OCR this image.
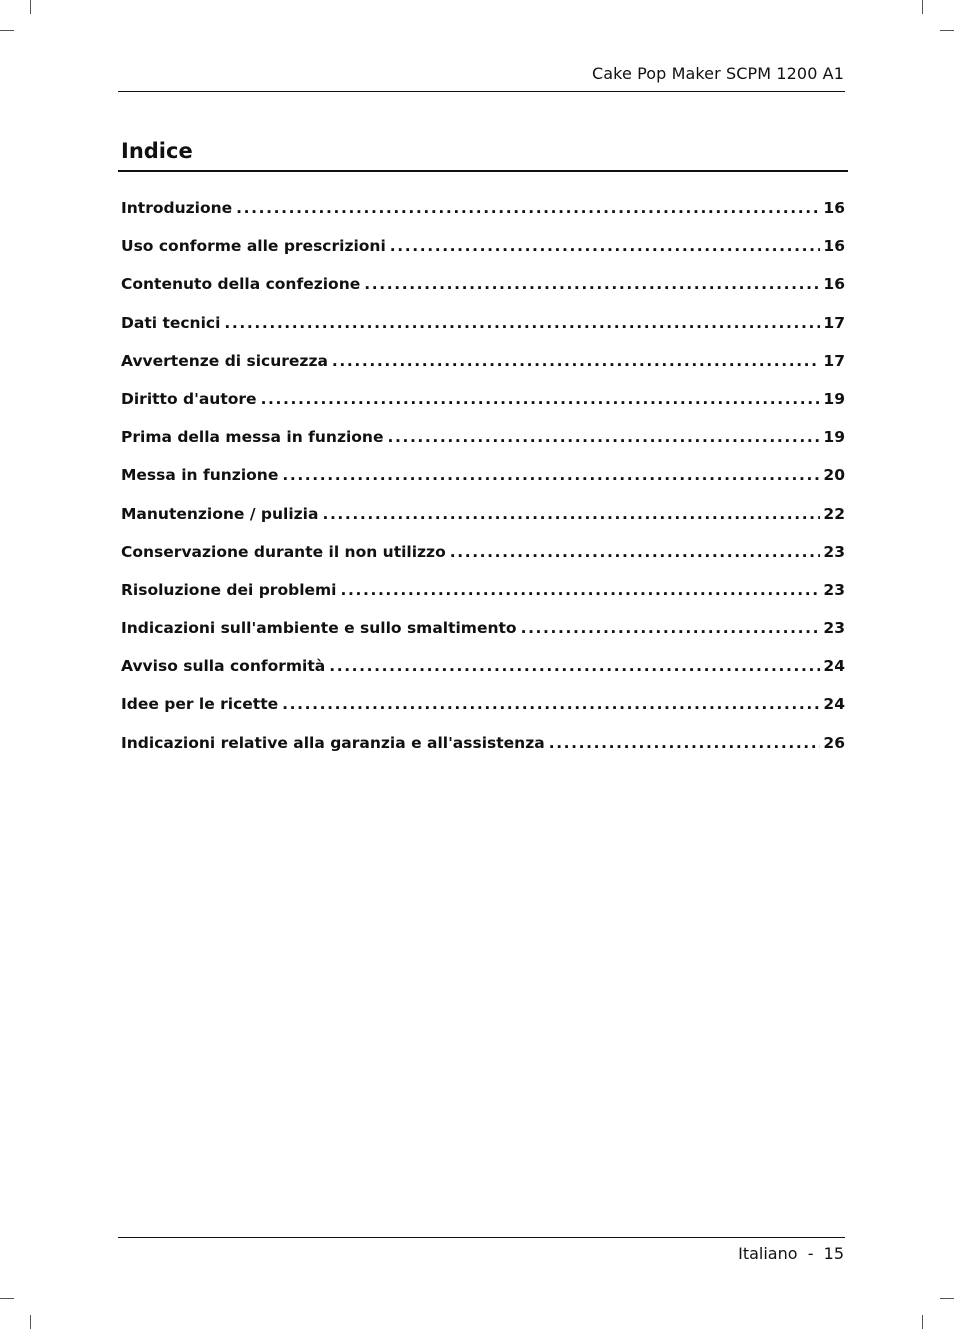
Cake Pop Maker SCPM 1200 A1
Indice
Introduzione .....	16
Uso conforme alle prescrizioni .....	16
Contenuto della confezione .....	16
Dati tecnici .....	17
Avvertenze di sicurezza .....	17
Diritto d'autore .....	19
Prima della messa in funzione .....	19
Messa in funzione .....	20
Manutenzione / pulizia .....	22
Conservazione durante il non utilizzo .....	23
Risoluzione dei problemi .....	23
Indicazioni sull'ambiente e sullo smaltimento .....	23
Avviso sulla conformità .....	24
Idee per le ricette .....	24
Indicazioni relative alla garanzia e all'assistenza .....	26
Italiano  -  15
